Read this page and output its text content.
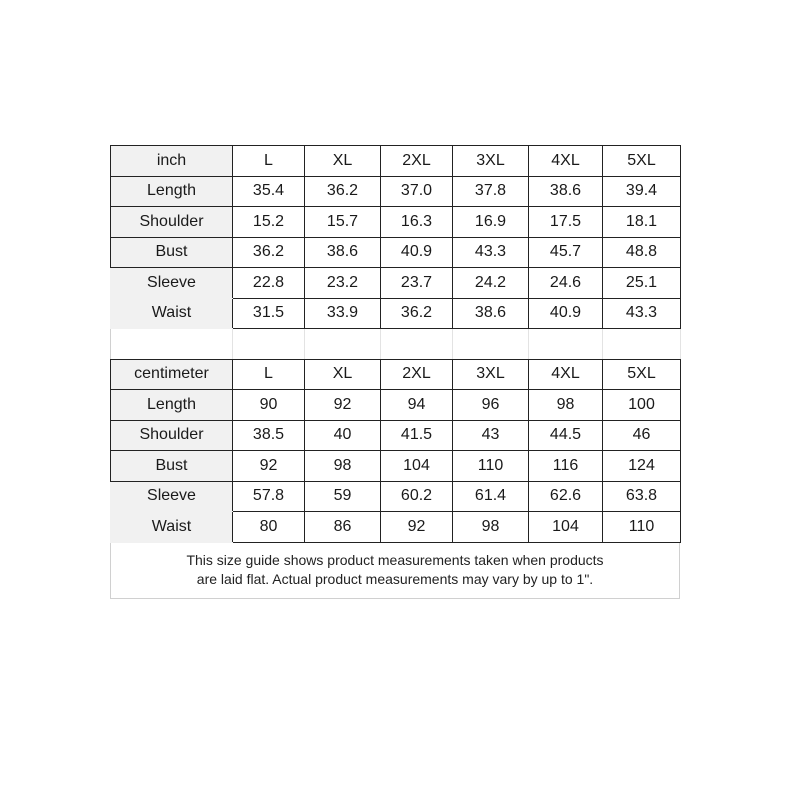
inch	L	XL	2XL	3XL	4XL	5XL
Length	35.4	36.2	37.0	37.8	38.6	39.4
Shoulder	15.2	15.7	16.3	16.9	17.5	18.1
Bust	36.2	38.6	40.9	43.3	45.7	48.8
Sleeve	22.8	23.2	23.7	24.2	24.6	25.1
Waist	31.5	33.9	36.2	38.6	40.9	43.3

centimeter	L	XL	2XL	3XL	4XL	5XL
Length	90	92	94	96	98	100
Shoulder	38.5	40	41.5	43	44.5	46
Bust	92	98	104	110	116	124
Sleeve	57.8	59	60.2	61.4	62.6	63.8
Waist	80	86	92	98	104	110
This size guide shows product measurements taken when products
are laid flat. Actual product measurements may vary by up to 1".
